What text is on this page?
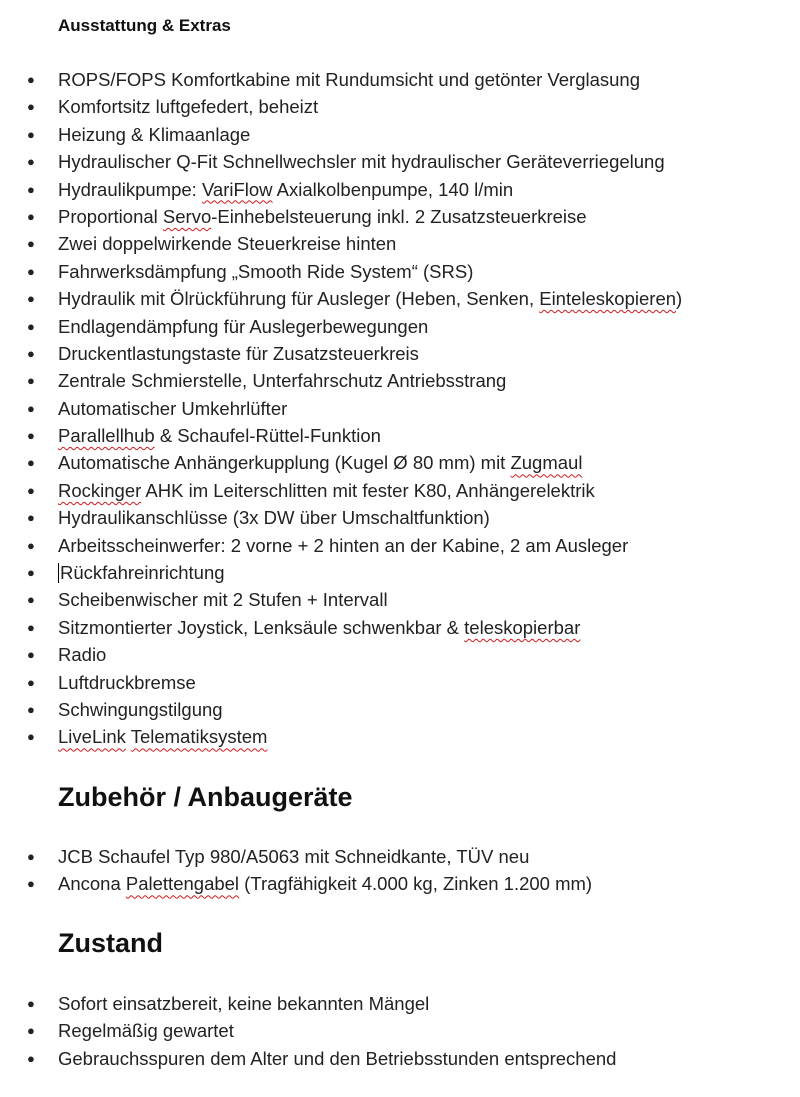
Ausstattung & Extras
● ROPS/FOPS Komfortkabine mit Rundumsicht und getönter Verglasung
● Komfortsitz luftgefedert, beheizt
● Heizung & Klimaanlage
● Hydraulischer Q-Fit Schnellwechsler mit hydraulischer Geräteverriegelung
● Hydraulikpumpe: VariFlow Axialkolbenpumpe, 140 l/min
● Proportional Servo-Einhebelsteuerung inkl. 2 Zusatzsteuerkreise
● Zwei doppelwirkende Steuerkreise hinten
● Fahrwerksdämpfung „Smooth Ride System“ (SRS)
● Hydraulik mit Ölrückführung für Ausleger (Heben, Senken, Einteleskopieren)
● Endlagendämpfung für Auslegerbewegungen
● Druckentlastungstaste für Zusatzsteuerkreis
● Zentrale Schmierstelle, Unterfahrschutz Antriebsstrang
● Automatischer Umkehrlüfter
● Parallellhub & Schaufel-Rüttel-Funktion
● Automatische Anhängerkupplung (Kugel Ø 80 mm) mit Zugmaul
● Rockinger AHK im Leiterschlitten mit fester K80, Anhängerelektrik
● Hydraulikanschlüsse (3x DW über Umschaltfunktion)
● Arbeitsscheinwerfer: 2 vorne + 2 hinten an der Kabine, 2 am Ausleger
● Rückfahreinrichtung
● Scheibenwischer mit 2 Stufen + Intervall
● Sitzmontierter Joystick, Lenksäule schwenkbar & teleskopierbar
● Radio
● Luftdruckbremse
● Schwingungstilgung
● LiveLink Telematiksystem
Zubehör / Anbaugeräte
● JCB Schaufel Typ 980/A5063 mit Schneidkante, TÜV neu
● Ancona Palettengabel (Tragfähigkeit 4.000 kg, Zinken 1.200 mm)
Zustand
● Sofort einsatzbereit, keine bekannten Mängel
● Regelmäßig gewartet
● Gebrauchsspuren dem Alter und den Betriebsstunden entsprechend
